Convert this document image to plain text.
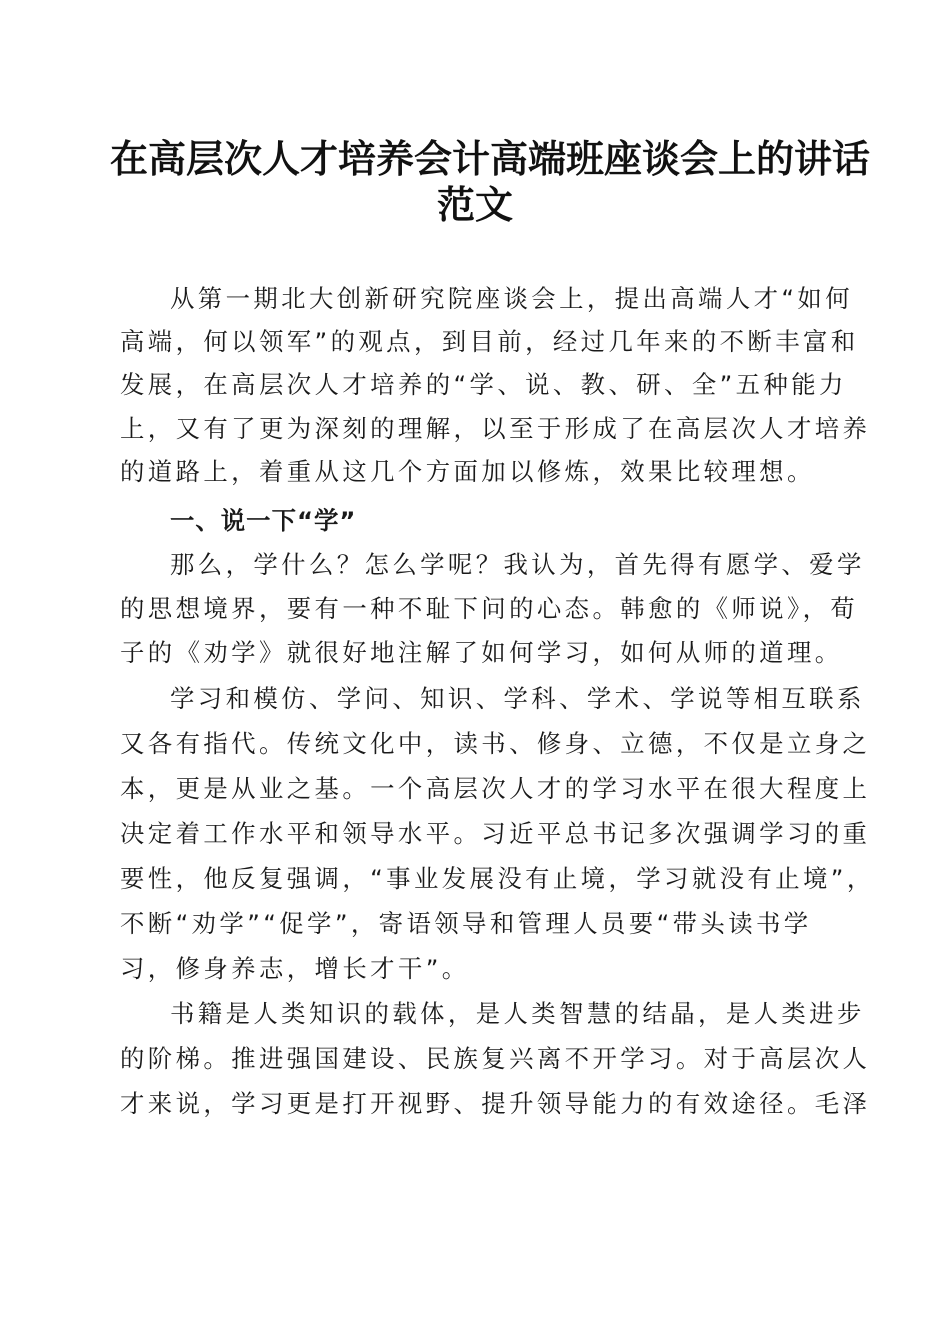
在高层次人才培养会计高端班座谈会上的讲话
范文

从第一期北大创新研究院座谈会上，提出高端人才“如何

高端，何以领军”的观点，到目前，经过几年来的不断丰富和

发展，在高层次人才培养的“学、说、教、研、全”五种能力

上，又有了更为深刻的理解，以至于形成了在高层次人才培养

的道路上，着重从这几个方面加以修炼，效果比较理想。

一、说一下“学”

那么，学什么？怎么学呢？我认为，首先得有愿学、爱学

的思想境界，要有一种不耻下问的心态。韩愈的《师说》，荀

子的《劝学》就很好地注解了如何学习，如何从师的道理。

学习和模仿、学问、知识、学科、学术、学说等相互联系

又各有指代。传统文化中，读书、修身、立德，不仅是立身之

本，更是从业之基。一个高层次人才的学习水平在很大程度上

决定着工作水平和领导水平。习近平总书记多次强调学习的重

要性，他反复强调，“事业发展没有止境，学习就没有止境”，

不断“劝学”“促学”，寄语领导和管理人员要“带头读书学

习，修身养志，增长才干”。

书籍是人类知识的载体，是人类智慧的结晶，是人类进步

的阶梯。推进强国建设、民族复兴离不开学习。对于高层次人

才来说，学习更是打开视野、提升领导能力的有效途径。毛泽
